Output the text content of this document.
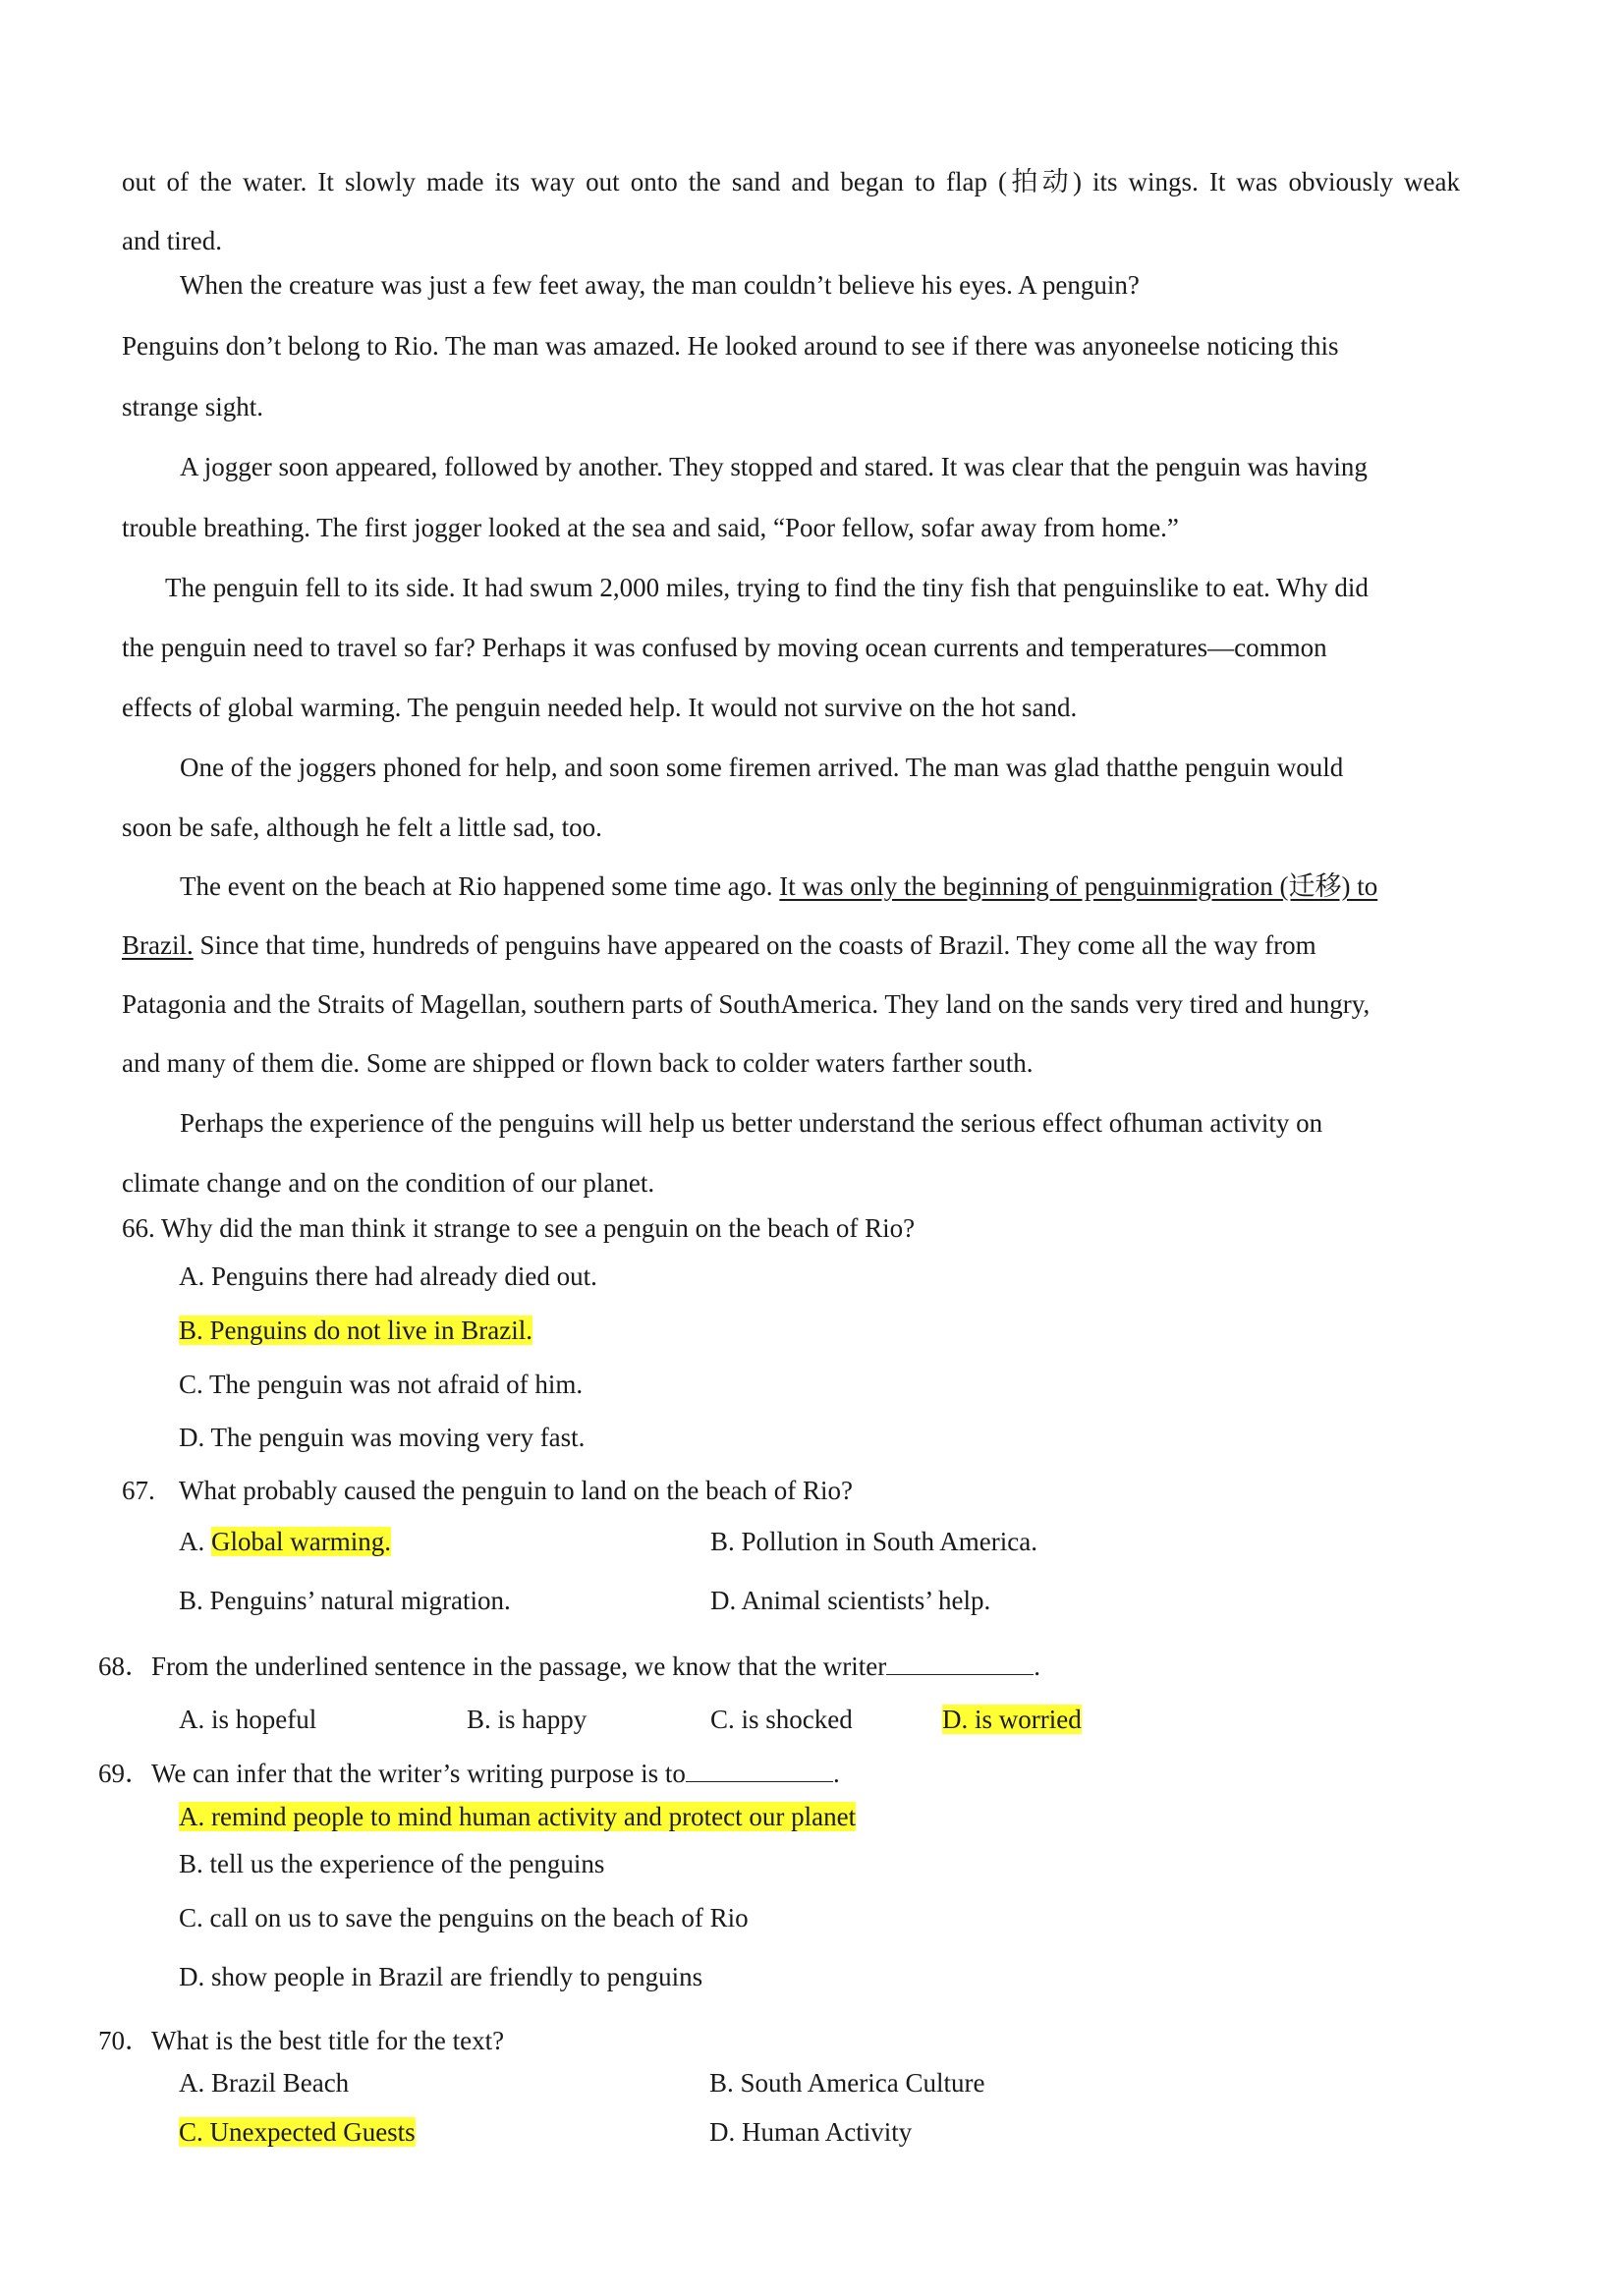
out of the water. It slowly made its way out onto the sand and began to flap (拍动) its wings. It was obviously weak
and tired.
When the creature was just a few feet away, the man couldn’t believe his eyes. A penguin?
Penguins don’t belong to Rio. The man was amazed. He looked around to see if there was anyoneelse noticing this
strange sight.
A jogger soon appeared, followed by another. They stopped and stared. It was clear that the penguin was having
trouble breathing. The first jogger looked at the sea and said, “Poor fellow, sofar away from home.”
The penguin fell to its side. It had swum 2,000 miles, trying to find the tiny fish that penguinslike to eat. Why did
the penguin need to travel so far? Perhaps it was confused by moving ocean currents and temperatures—common
effects of global warming. The penguin needed help. It would not survive on the hot sand.
One of the joggers phoned for help, and soon some firemen arrived. The man was glad thatthe penguin would
soon be safe, although he felt a little sad, too.
The event on the beach at Rio happened some time ago. It was only the beginning of penguinmigration (迁移) to
Brazil. Since that time, hundreds of penguins have appeared on the coasts of Brazil. They come all the way from
Patagonia and the Straits of Magellan, southern parts of SouthAmerica. They land on the sands very tired and hungry,
and many of them die. Some are shipped or flown back to colder waters farther south.
Perhaps the experience of the penguins will help us better understand the serious effect ofhuman activity on
climate change and on the condition of our planet.
66. Why did the man think it strange to see a penguin on the beach of Rio?
A. Penguins there had already died out.
B. Penguins do not live in Brazil.
C. The penguin was not afraid of him.
D. The penguin was moving very fast.
67. What probably caused the penguin to land on the beach of Rio?
A. Global warming.	B. Pollution in South America.
B. Penguins’ natural migration.	D. Animal scientists’ help.
68．From the underlined sentence in the passage, we know that the writer	.
A. is hopeful	B. is happy	C. is shocked	D. is worried
69．We can infer that the writer’s writing purpose is to	.
A. remind people to mind human activity and protect our planet
B. tell us the experience of the penguins
C. call on us to save the penguins on the beach of Rio
D. show people in Brazil are friendly to penguins
70．What is the best title for the text?
A. Brazil Beach	B. South America Culture
C. Unexpected Guests	D. Human Activity
